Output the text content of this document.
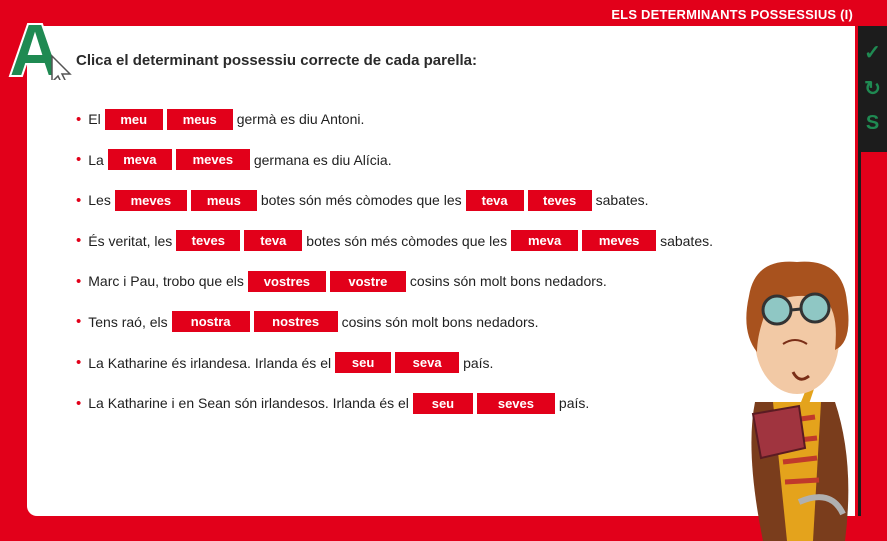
ELS DETERMINANTS POSSESSIUS (I)
Clica el determinant possessiu correcte de cada parella:
• El	meu	meus	germà es diu Antoni.
• La	meva	meves	germana es diu Alícia.
• Les	meves	meus	botes són més còmodes que les	teva	teves	sabates.
• És veritat, les	teves	teva	botes són més còmodes que les	meva	meves	sabates.
• Marc i Pau, trobo que els	vostres	vostre	cosins són molt bons nedadors.
• Tens raó, els	nostra	nostres	cosins són molt bons nedadors.
• La Katharine és irlandesa. Irlanda és el	seu	seva	país.
• La Katharine i en Sean són irlandesos. Irlanda és el	seu	seves	país.
✓
↻
S
